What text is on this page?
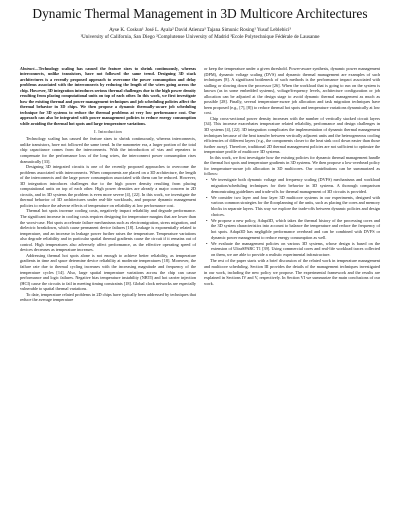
Dynamic Thermal Management in 3D Multicore Architectures
Ayse K. Coskun¹ José L. Ayala² David Atienza³ Tajana Simunic Rosing¹ Yusuf Leblebici³
¹University of California, San Diego ²Complutense University of Madrid ³Ecole Polytechnique Fédérale de Lausanne

Abstract—Technology scaling has caused the feature sizes to shrink continuously, whereas interconnects, unlike transistors, have not followed the same trend. Designing 3D stack architectures is a recently proposed approach to overcome the power consumption and delay problems associated with the interconnects by reducing the length of the wires going across the chip. However, 3D integration introduces serious thermal challenges due to the high power density resulting from placing computational units on top of each other. In this work, we first investigate how the existing thermal and power management techniques and job scheduling policies affect the thermal behavior in 3D chips. We then propose a dynamic thermally-aware job scheduling technique for 3D systems to reduce the thermal problems at very low performance cost. Our approach can also be integrated with power management policies to reduce energy consumption while avoiding the thermal hot spots and large temperature variations.

I. Introduction

Technology scaling has caused the feature sizes to shrink continuously, whereas interconnects, unlike transistors, have not followed the same trend. In the nanometer era, a larger portion of the total chip capacitance comes from the interconnects. With the introduction of vias and repeaters to compensate for the performance loss of the long wires, the interconnect power consumption rises dramatically [33].

Designing 3D integrated circuits is one of the recently proposed approaches to overcome the problems associated with interconnects. When components are placed on a 3D architecture, the length of the interconnects and the large power consumption associated with them can be reduced. However, 3D integration introduces challenges due to the high power density resulting from placing computational units on top of each other. High power densities are already a major concern in 2D circuits, and in 3D systems the problem is even more severe [4], [22]. In this work, we investigate the thermal behavior of 3D architectures under real-life workloads, and propose dynamic management policies to reduce the adverse effects of temperature on reliability at low performance cost.

Thermal hot spots increase cooling costs, negatively impact reliability and degrade performance. The significant increase in cooling costs requires designing for temperature margins that are lower than the worst-case. Hot spots accelerate failure mechanisms such as electromigration, stress migration, and dielectric breakdown, which cause permanent device failures [18]. Leakage is exponentially related to temperature, and an increase in leakage power further raises the temperature. Temperature variations also degrade reliability and in particular spatial thermal gradients cause the circuit if it remains out of control. High temperatures also adversely affect performance, as the effective operating speed of devices decreases as temperature increases.

Addressing thermal hot spots alone is not enough to achieve better reliability, as temperature gradients in time and space determine device reliability at moderate temperatures [18]. Moreover, the failure rate due to thermal cycling increases with the increasing magnitude and frequency of the temperature cycles [14]. Also, large spatial temperature variations across the chip can cause performance and logic failures. Negative bias temperature instability (NBTI) and hot carrier injection (HCI) cause the circuits to fail in meeting timing constraints [18]. Global clock networks are especially vulnerable to spatial thermal variations.

To date, temperature related problems in 2D chips have typically been addressed by techniques that reduce the average temperature

or keep the temperature under a given threshold. Power-aware synthesis, dynamic power management (DPM), dynamic voltage scaling (DVS) and dynamic thermal management are examples of such techniques [8]. A significant bottleneck of such methods is the performance impact associated with stalling or slowing down the processor [26]. When the workload that is going to run on the system is known (as in some embedded systems), voltage/frequency levels, architecture configuration or job allocation can be adjusted at the design stage to avoid dynamic thermal management as much as possible [28]. Finally, several temperature-aware job allocation and task migration techniques have been proposed (e.g., [7], [8]) to reduce thermal hot spots and temperature variations dynamically at low cost.

Chip cross-sectional power density increases with the number of vertically stacked circuit layers [34]. This increase exacerbates temperature related reliability, performance and design challenges in 3D systems [4], [22]. 3D integration complicates the implementation of dynamic thermal management techniques because of the heat transfer between vertically adjacent units and the heterogeneous cooling efficiencies of different layers (e.g., the components closer to the heat sink cool down easier than those further away). Therefore, traditional 2D thermal management policies are not sufficient to optimize the temperature profile of multicore 3D systems.

In this work, we first investigate how the existing policies for dynamic thermal management handle the thermal hot spots and temperature gradients in 3D systems. We then propose a low-overhead policy for temperature-aware job allocation in 3D multicores. Our contributions can be summarized as follows:

• We investigate both dynamic voltage and frequency scaling (DVFS) mechanisms and workload migration/scheduling techniques for their behavior in 3D systems. A thorough comparison demonstrating guidelines and trade-offs for thermal management of 3D circuits is provided.
• We consider two layer and four layer 3D multicore systems in our experiments, designed with various common strategies for the floorplanning of the units, such as placing the cores and memory blocks in separate layers. This way we explore the trade-offs between dynamic policies and design choices.
• We propose a new policy, Adapt3D, which takes the thermal history of the processing cores and the 3D system characteristics into account to balance the temperature and reduce the frequency of hot spots. Adapt3D has negligible performance overhead and can be combined with DVFS or dynamic power management to reduce energy consumption as well.
• We evaluate the management policies on various 3D systems, whose design is based on the extension of UltraSPARC T1 [39]. Using commercial cores and real-life workload traces collected on them, we are able to provide a realistic experimental infrastructure.

The rest of the paper starts with a brief discussion of the related work in temperature management and multicore scheduling. Section III provides the details of the management techniques investigated in our work, including the new policy we propose. The experimental framework and the results are explained in Sections IV and V, respectively. In Section VI we summarize the main conclusions of our work.
